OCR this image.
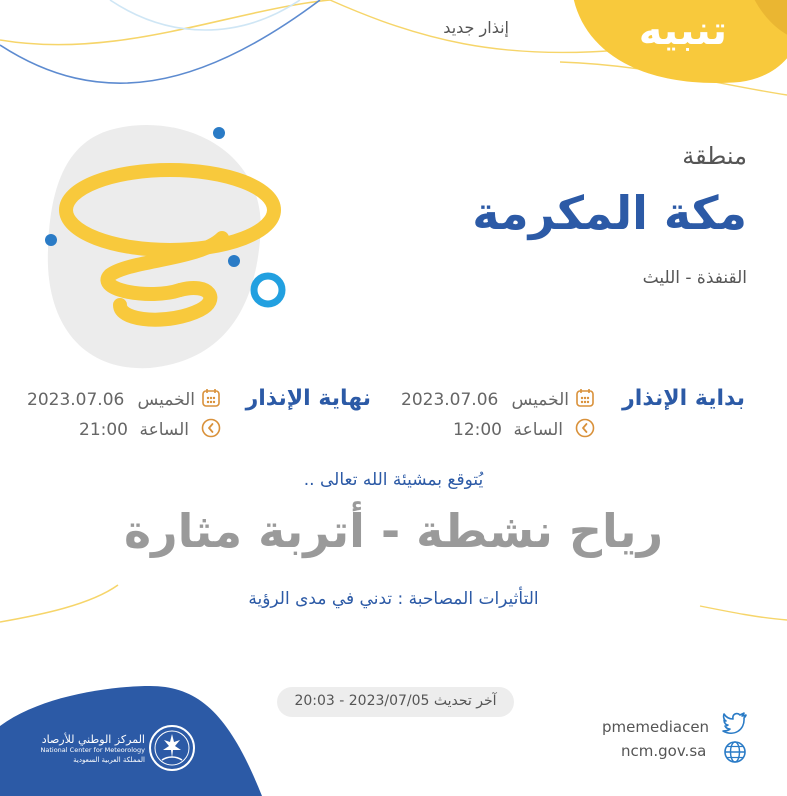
تنبيه
إنذار جديد
منطقة
مكة المكرمة
القنفذة - الليث
بداية الإنذار
الخميس
2023.07.06
الساعة
12:00
نهاية الإنذار
الخميس
2023.07.06
الساعة
21:00
يُتوقع بمشيئة الله تعالى ..
رياح نشطة - أتربة مثارة
التأثيرات المصاحبة : تدني في مدى الرؤية
آخر تحديث 2023/07/05 - 20:03
المركز الوطني للأرصاد
National Center for Meteorology
المملكة العربية السعودية
pmemediacen
ncm.gov.sa
